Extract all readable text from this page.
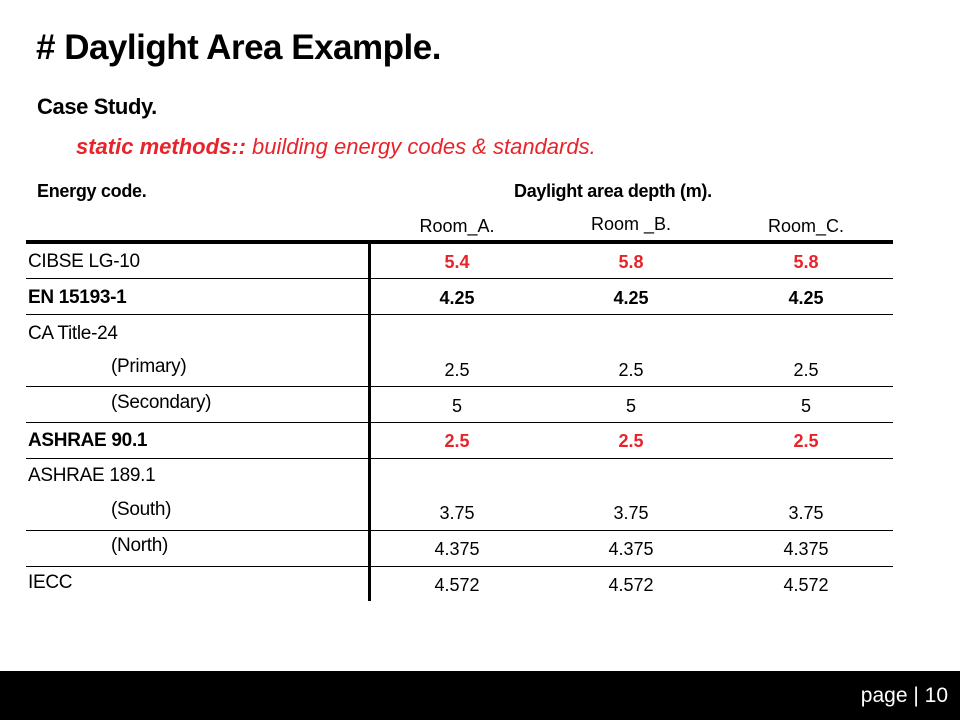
# Daylight Area Example.
Case Study.
static methods:: building energy codes & standards.
Energy code.	Daylight area depth (m).
Room_A.	Room _B.	Room_C.
CIBSE LG-10	5.4	5.8	5.8
EN 15193-1	4.25	4.25	4.25
CA Title-24
(Primary)	2.5	2.5	2.5
(Secondary)	5	5	5
ASHRAE 90.1	2.5	2.5	2.5
ASHRAE 189.1
(South)	3.75	3.75	3.75
(North)	4.375	4.375	4.375
IECC	4.572	4.572	4.572
page | 10
